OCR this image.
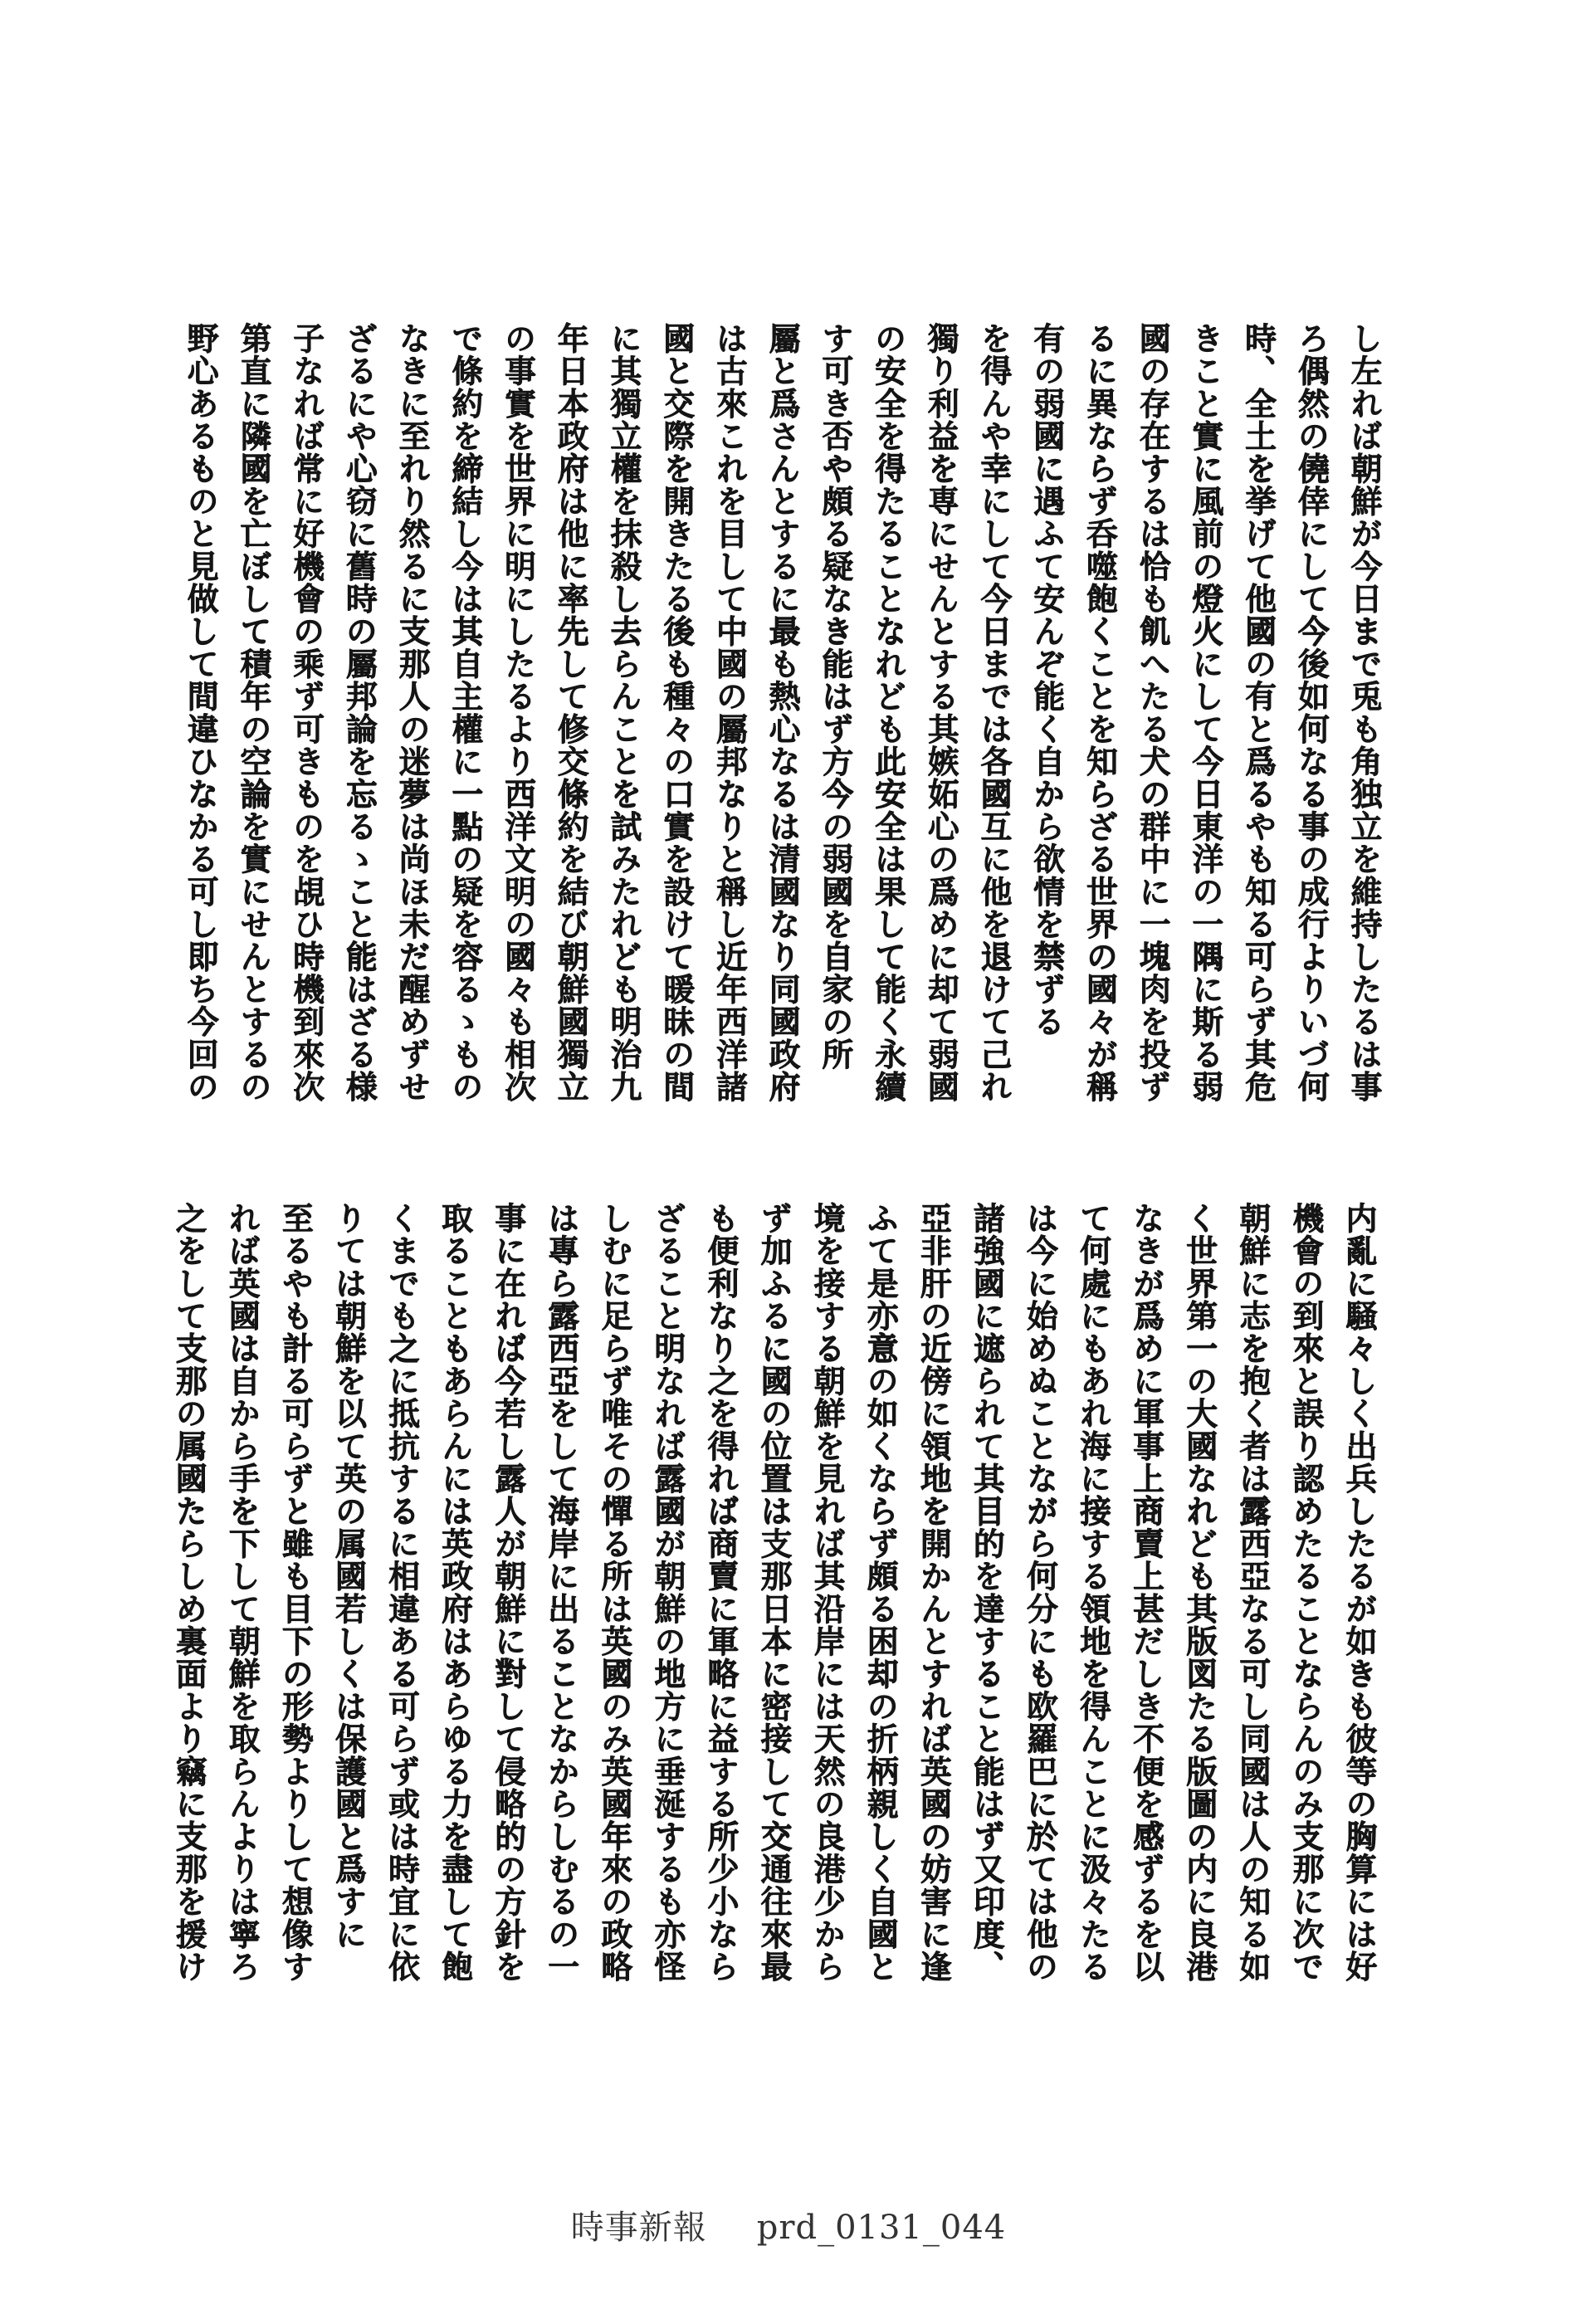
し左れば朝鮮が今日まで兎も角独立を維持したるは事
ろ偶然の僥倖にして今後如何なる事の成行よりいづ何
時、全土を挙げて他國の有と爲るやも知る可らず其危
きこと實に風前の燈火にして今日東洋の一隅に斯る弱
國の存在するは恰も飢へたる犬の群中に一塊肉を投ず
るに異ならず呑噬飽くことを知らざる世界の國々が稱
有の弱國に遇ふて安んぞ能く自から欲情を禁ずる
を得んや幸にして今日までは各國互に他を退けて己れ
獨り利益を専にせんとする其嫉妬心の爲めに却て弱國
の安全を得たることなれども此安全は果して能く永續
す可き否や頗る疑なき能はず方今の弱國を自家の所
屬と爲さんとするに最も熱心なるは清國なり同國政府
は古來これを目して中國の屬邦なりと稱し近年西洋諸
國と交際を開きたる後も種々の口實を設けて暖昧の間
に其獨立權を抹殺し去らんことを試みたれども明治九
年日本政府は他に率先して修交條約を結び朝鮮國獨立
の事實を世界に明にしたるより西洋文明の國々も相次
で條約を締結し今は其自主權に一點の疑を容るゝもの
なきに至れり然るに支那人の迷夢は尚ほ未だ醒めずせ
ざるにや心窃に舊時の屬邦論を忘るゝこと能はざる様
子なれば常に好機會の乘ず可きものを覘ひ時機到來次
第直に隣國を亡ぼして積年の空論を實にせんとするの
野心あるものと見做して間違ひなかる可し即ち今回の
内亂に騒々しく出兵したるが如きも彼等の胸算には好
機會の到來と誤り認めたることならんのみ支那に次で
朝鮮に志を抱く者は露西亞なる可し同國は人の知る如
く世界第一の大國なれども其版図たる版圖の内に良港
なきが爲めに軍事上商賣上甚だしき不便を感ずるを以
て何處にもあれ海に接する領地を得んことに汲々たる
は今に始めぬことながら何分にも欧羅巴に於ては他の
諸強國に遮られて其目的を達すること能はず又印度、
亞非肝の近傍に領地を開かんとすれば英國の妨害に逢
ふて是亦意の如くならず頗る困却の折柄親しく自國と
境を接する朝鮮を見れば其沿岸には天然の良港少から
ず加ふるに國の位置は支那日本に密接して交通往來最
も便利なり之を得れば商賣に軍略に益する所少小なら
ざること明なれば露國が朝鮮の地方に垂涎するも亦怪
しむに足らず唯その憚る所は英國のみ英國年來の政略
は專ら露西亞をして海岸に出ることなからしむるの一
事に在れば今若し露人が朝鮮に對して侵略的の方針を
取ることもあらんには英政府はあらゆる力を盡して飽
くまでも之に抵抗するに相違ある可らず或は時宜に依
りては朝鮮を以て英の属國若しくは保護國と爲すに
至るやも計る可らずと雖も目下の形勢よりして想像す
れば英國は自から手を下して朝鮮を取らんよりは寧ろ
之をして支那の属國たらしめ裏面より竊に支那を援け
時事新報 prd_0131_044
